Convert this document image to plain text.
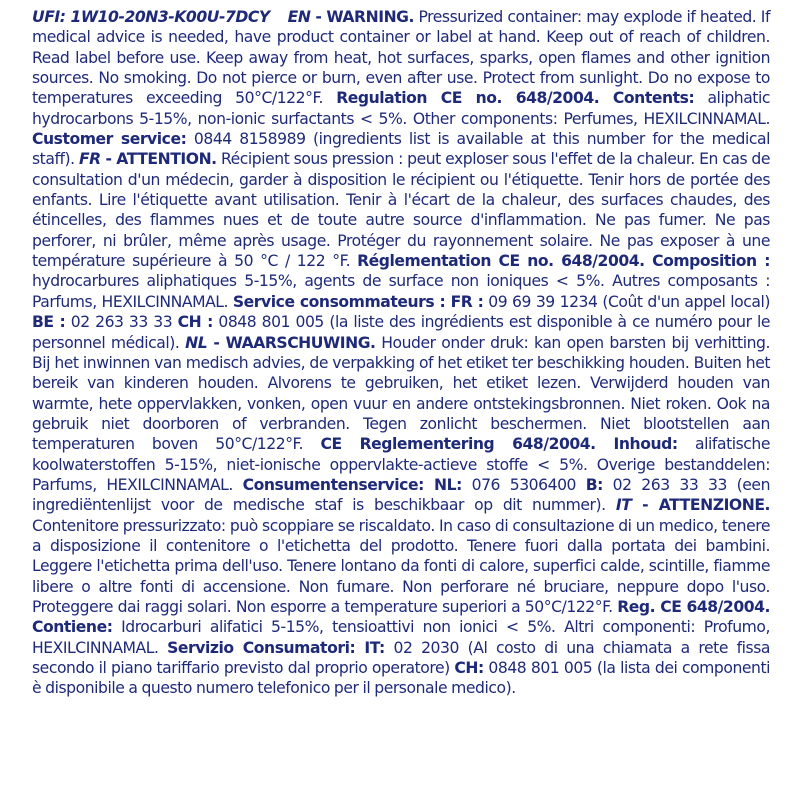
UFI: 1W10-20N3-K00U-7DCY EN - WARNING. Pressurized container: may explode if heated. If medical advice is needed, have product container or label at hand. Keep out of reach of children. Read label before use. Keep away from heat, hot surfaces, sparks, open flames and other ignition sources. No smoking. Do not pierce or burn, even after use. Protect from sunlight. Do no expose to temperatures exceeding 50°C/122°F. Regulation CE no. 648/2004. Contents: aliphatic hydrocarbons 5-15%, non-ionic surfactants < 5%. Other components: Perfumes, HEXILCINNAMAL. Customer service: 0844 8158989 (ingredients list is available at this number for the medical staff). FR - ATTENTION. Récipient sous pression : peut exploser sous l'effet de la chaleur. En cas de consultation d'un médecin, garder à disposition le récipient ou l'étiquette. Tenir hors de portée des enfants. Lire l'étiquette avant utilisation. Tenir à l'écart de la chaleur, des surfaces chaudes, des étincelles, des flammes nues et de toute autre source d'inflammation. Ne pas fumer. Ne pas perforer, ni brûler, même après usage. Protéger du rayonnement solaire. Ne pas exposer à une température supérieure à 50 °C / 122 °F. Réglementation CE no. 648/2004. Composition : hydrocarbures aliphatiques 5-15%, agents de surface non ioniques < 5%. Autres composants : Parfums, HEXILCINNAMAL. Service consommateurs : FR : 09 69 39 1234 (Coût d'un appel local) BE : 02 263 33 33 CH : 0848 801 005 (la liste des ingrédients est disponible à ce numéro pour le personnel médical). NL - WAARSCHUWING. Houder onder druk: kan open barsten bij verhitting. Bij het inwinnen van medisch advies, de verpakking of het etiket ter beschikking houden. Buiten het bereik van kinderen houden. Alvorens te gebruiken, het etiket lezen. Verwijderd houden van warmte, hete oppervlakken, vonken, open vuur en andere ontstekingsbronnen. Niet roken. Ook na gebruik niet doorboren of verbranden. Tegen zonlicht beschermen. Niet blootstellen aan temperaturen boven 50°C/122°F. CE Reglementering 648/2004. Inhoud: alifatische koolwaterstoffen 5-15%, niet-ionische oppervlakte-actieve stoffe < 5%. Overige bestanddelen: Parfums, HEXILCINNAMAL. Consumentenservice: NL: 076 5306400 B: 02 263 33 33 (een ingrediëntenlijst voor de medische staf is beschikbaar op dit nummer). IT - ATTENZIONE. Contenitore pressurizzato: può scoppiare se riscaldato. In caso di consultazione di un medico, tenere a disposizione il contenitore o l'etichetta del prodotto. Tenere fuori dalla portata dei bambini. Leggere l'etichetta prima dell'uso. Tenere lontano da fonti di calore, superfici calde, scintille, fiamme libere o altre fonti di accensione. Non fumare. Non perforare né bruciare, neppure dopo l'uso. Proteggere dai raggi solari. Non esporre a temperature superiori a 50°C/122°F. Reg. CE 648/2004. Contiene: Idrocarburi alifatici 5-15%, tensioattivi non ionici < 5%. Altri componenti: Profumo, HEXILCINNAMAL. Servizio Consumatori: IT: 02 2030 (Al costo di una chiamata a rete fissa secondo il piano tariffario previsto dal proprio operatore) CH: 0848 801 005 (la lista dei componenti è disponibile a questo numero telefonico per il personale medico).
